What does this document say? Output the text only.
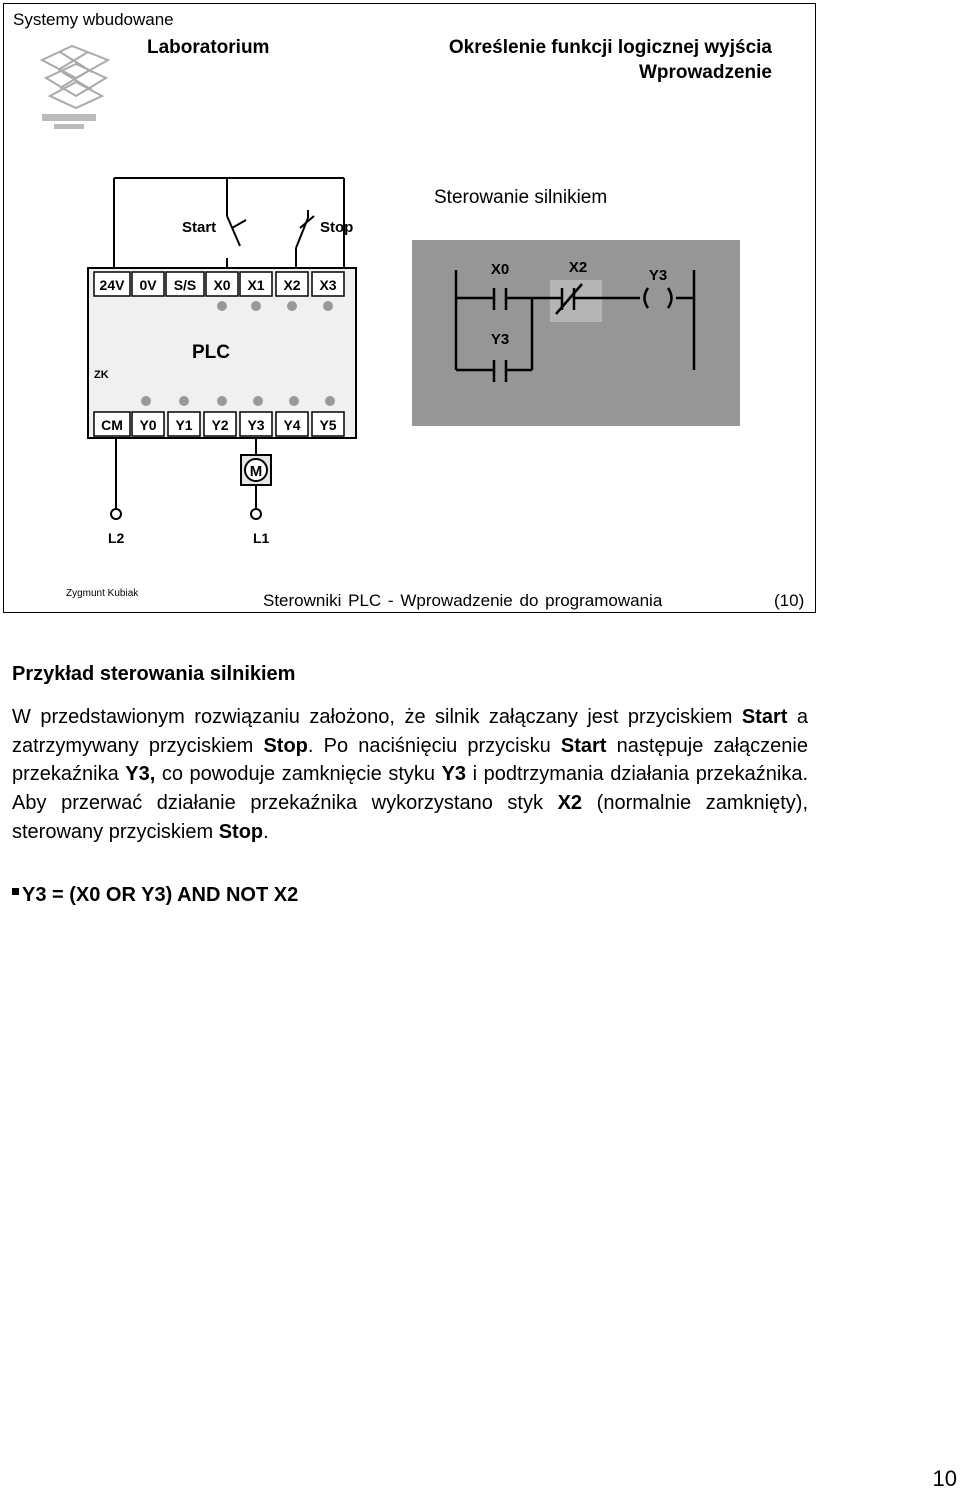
Systemy wbudowane
Laboratorium	Określenie funkcji logicznej wyjścia
Wprowadzenie
Start	Stop
ZK
PLC
24V 0V S/S X0 X1 X2 X3
CM Y0 Y1 Y2 Y3 Y4 Y5
M
L2	L1
Sterowanie silnikiem
X0	X2	Y3
Y3
Zygmunt Kubiak	Sterowniki PLC - Wprowadzenie do programowania	(10)
Przykład sterowania silnikiem

W przedstawionym rozwiązaniu założono, że silnik załączany jest przyciskiem Start a zatrzymywany przyciskiem Stop. Po naciśnięciu przycisku Start następuje załączenie przekaźnika Y3, co powoduje zamknięcie styku Y3 i podtrzymania działania przekaźnika. Aby przerwać działanie przekaźnika wykorzystano styk X2 (normalnie zamknięty), sterowany przyciskiem Stop.

Y3 = (X0 OR Y3) AND NOT X2
10
